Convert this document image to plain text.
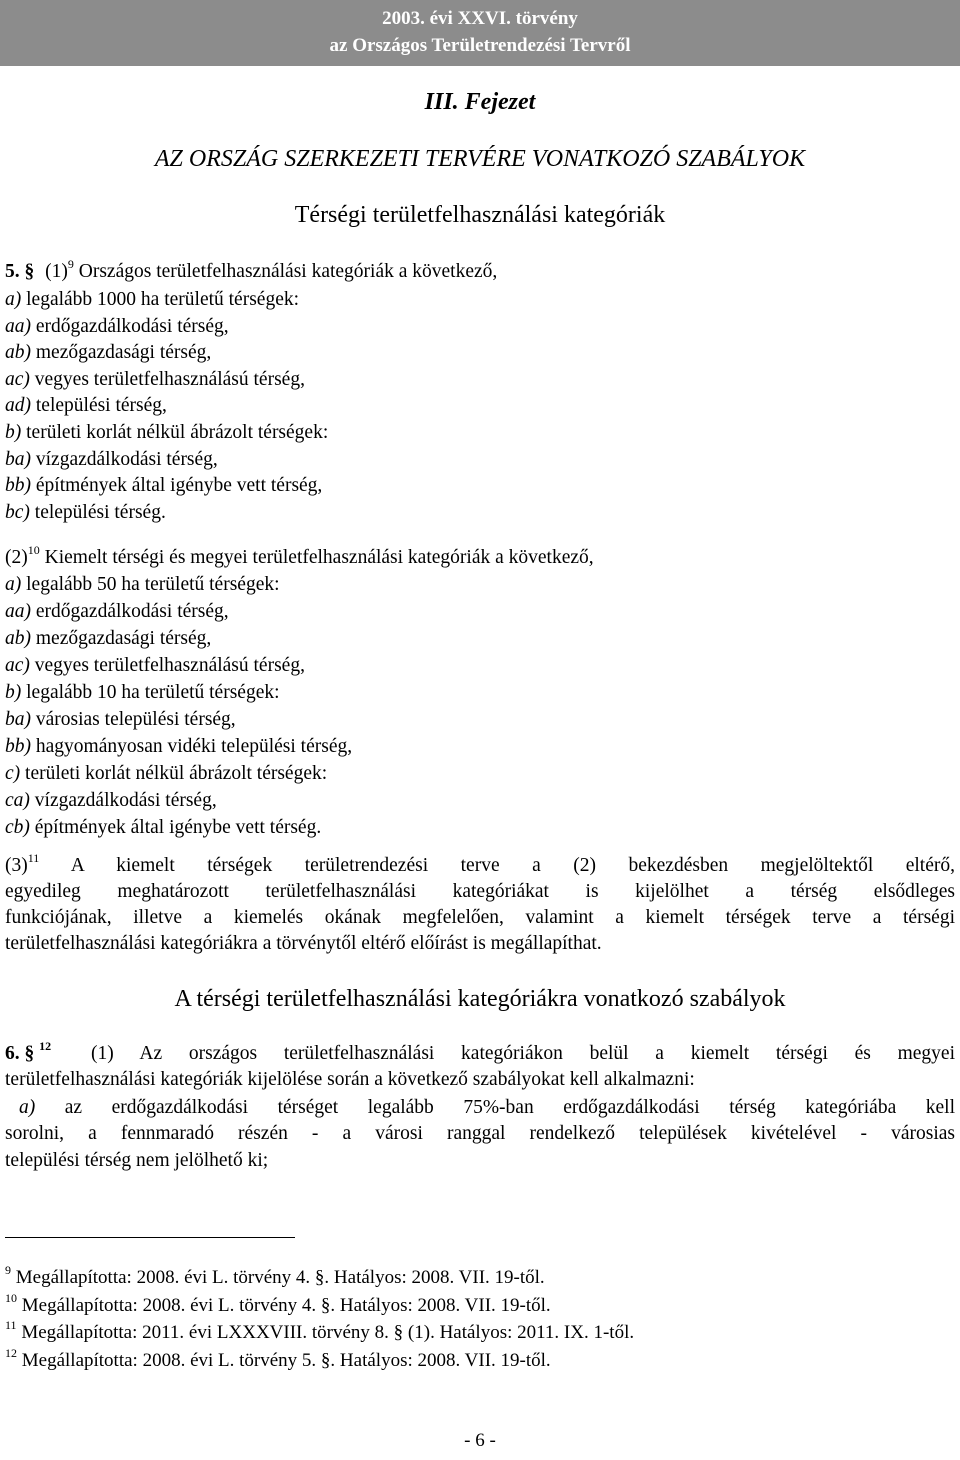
2003. évi XXVI. törvény
az Országos Területrendezési Tervről
III. Fejezet
AZ ORSZÁG SZERKEZETI TERVÉRE VONATKOZÓ SZABÁLYOK
Térségi területfelhasználási kategóriák
5. § $(1)^9$ Országos területfelhasználási kategóriák a következő,
a) legalább 1000 ha területű térségek:
aa) erdőgazdálkodási térség,
ab) mezőgazdasági térség,
ac) vegyes területfelhasználású térség,
ad) települési térség,
b) területi korlát nélkül ábrázolt térségek:
ba) vízgazdálkodási térség,
bb) építmények által igénybe vett térség,
bc) települési térség.
$(2)^{10}$ Kiemelt térségi és megyei területfelhasználási kategóriák a következő,
a) legalább 50 ha területű térségek:
aa) erdőgazdálkodási térség,
ab) mezőgazdasági térség,
ac) vegyes területfelhasználású térség,
b) legalább 10 ha területű térségek:
ba) városias települési térség,
bb) hagyományosan vidéki települési térség,
c) területi korlát nélkül ábrázolt térségek:
ca) vízgazdálkodási térség,
cb) építmények által igénybe vett térség.
$(3)^{11}$ A kiemelt térségek területrendezési terve a (2) bekezdésben megjelöltektől eltérő,
egyedileg meghatározott területfelhasználási kategóriákat is kijelölhet a térség elsődleges
funkciójának, illetve a kiemelés okának megfelelően, valamint a kiemelt térségek terve a térségi
területfelhasználási kategóriákra a törvénytől eltérő előírást is megállapíthat.
A térségi területfelhasználási kategóriákra vonatkozó szabályok
6. § $^{12}$ (1) Az országos területfelhasználási kategóriákon belül a kiemelt térségi és megyei
területfelhasználási kategóriák kijelölése során a következő szabályokat kell alkalmazni:
a) az erdőgazdálkodási térséget legalább 75%-ban erdőgazdálkodási térség kategóriába kell
sorolni, a fennmaradó részén - a városi ranggal rendelkező települések kivételével - városias
települési térség nem jelölhető ki;
$^9$ Megállapította: 2008. évi L. törvény 4. §. Hatályos: 2008. VII. 19-től.
$^{10}$ Megállapította: 2008. évi L. törvény 4. §. Hatályos: 2008. VII. 19-től.
$^{11}$ Megállapította: 2011. évi LXXXVIII. törvény 8. § (1). Hatályos: 2011. IX. 1-től.
$^{12}$ Megállapította: 2008. évi L. törvény 5. §. Hatályos: 2008. VII. 19-től.
- 6 -
